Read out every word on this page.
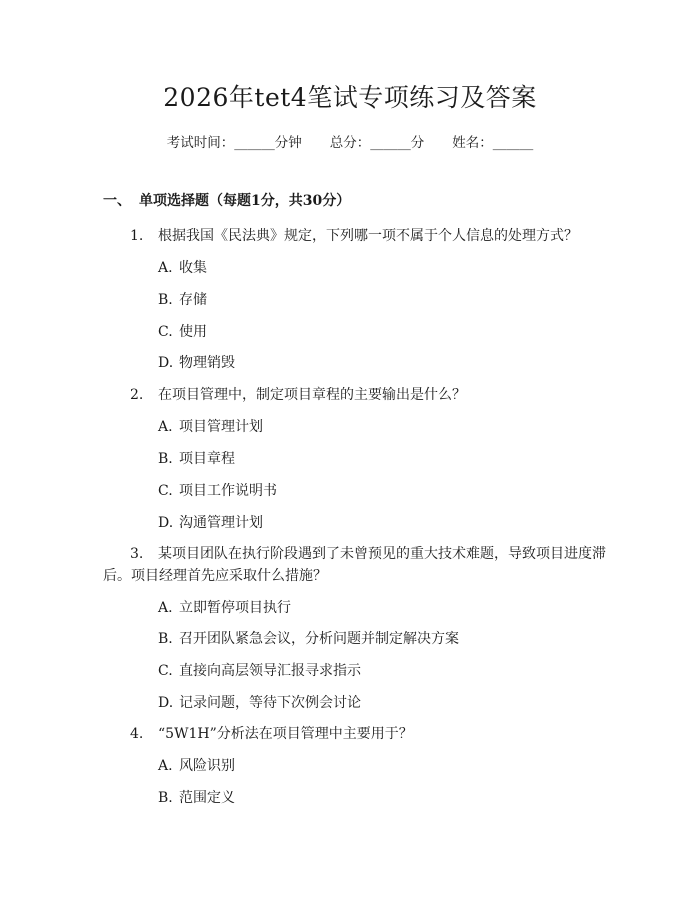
2026年tet4笔试专项练习及答案
考试时间：______分钟 总分：______分 姓名：______
一、 单项选择题（每题1分，共30分）
1. 根据我国《民法典》规定，下列哪一项不属于个人信息的处理方式？
A. 收集
B. 存储
C. 使用
D. 物理销毁
2. 在项目管理中，制定项目章程的主要输出是什么？
A. 项目管理计划
B. 项目章程
C. 项目工作说明书
D. 沟通管理计划
3. 某项目团队在执行阶段遇到了未曾预见的重大技术难题，导致项目进度滞
后。项目经理首先应采取什么措施？
A. 立即暂停项目执行
B. 召开团队紧急会议，分析问题并制定解决方案
C. 直接向高层领导汇报寻求指示
D. 记录问题，等待下次例会讨论
4. “5W1H”分析法在项目管理中主要用于？
A. 风险识别
B. 范围定义
